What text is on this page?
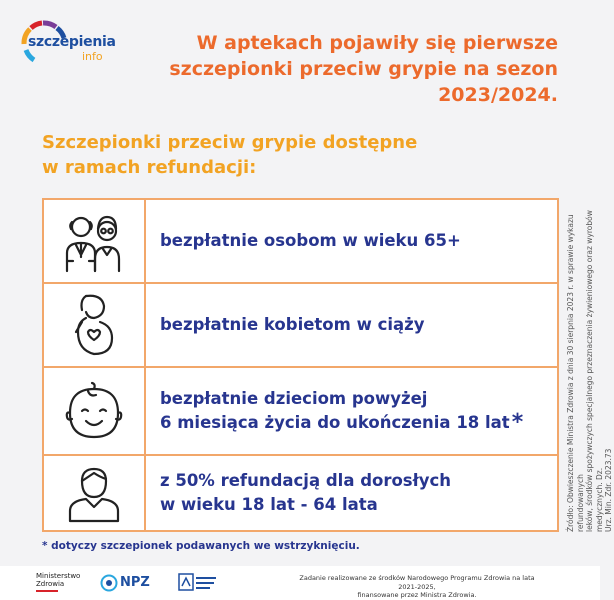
szczepienia
info
W aptekach pojawiły się pierwsze
szczepionki przeciw grypie na sezon
2023/2024.
Szczepionki przeciw grypie dostępne
w ramach refundacji:
bezpłatnie osobom w wieku 65+
bezpłatnie kobietom w ciąży
bezpłatnie dzieciom powyżej
6 miesiąca życia do ukończenia 18 lat*
z 50% refundacją dla dorosłych
w wieku 18 lat - 64 lata	Źródło: Obwieszczenie Ministra Zdrowia z dnia 30 sierpnia 2023 r. w sprawie wykazu refundowanych leków, środków spożywczych specjalnego przeznaczenia żywieniowego oraz wyrobów medycznych. Dz. Urz. Min. Zdr. 2023.73
* dotyczy szczepionek podawanych we wstrzyknięciu.
Ministerstwo
Zdrowia	NPZ	Zadanie realizowane ze środków Narodowego Programu Zdrowia na lata 2021-2025,
finansowane przez Ministra Zdrowia.
